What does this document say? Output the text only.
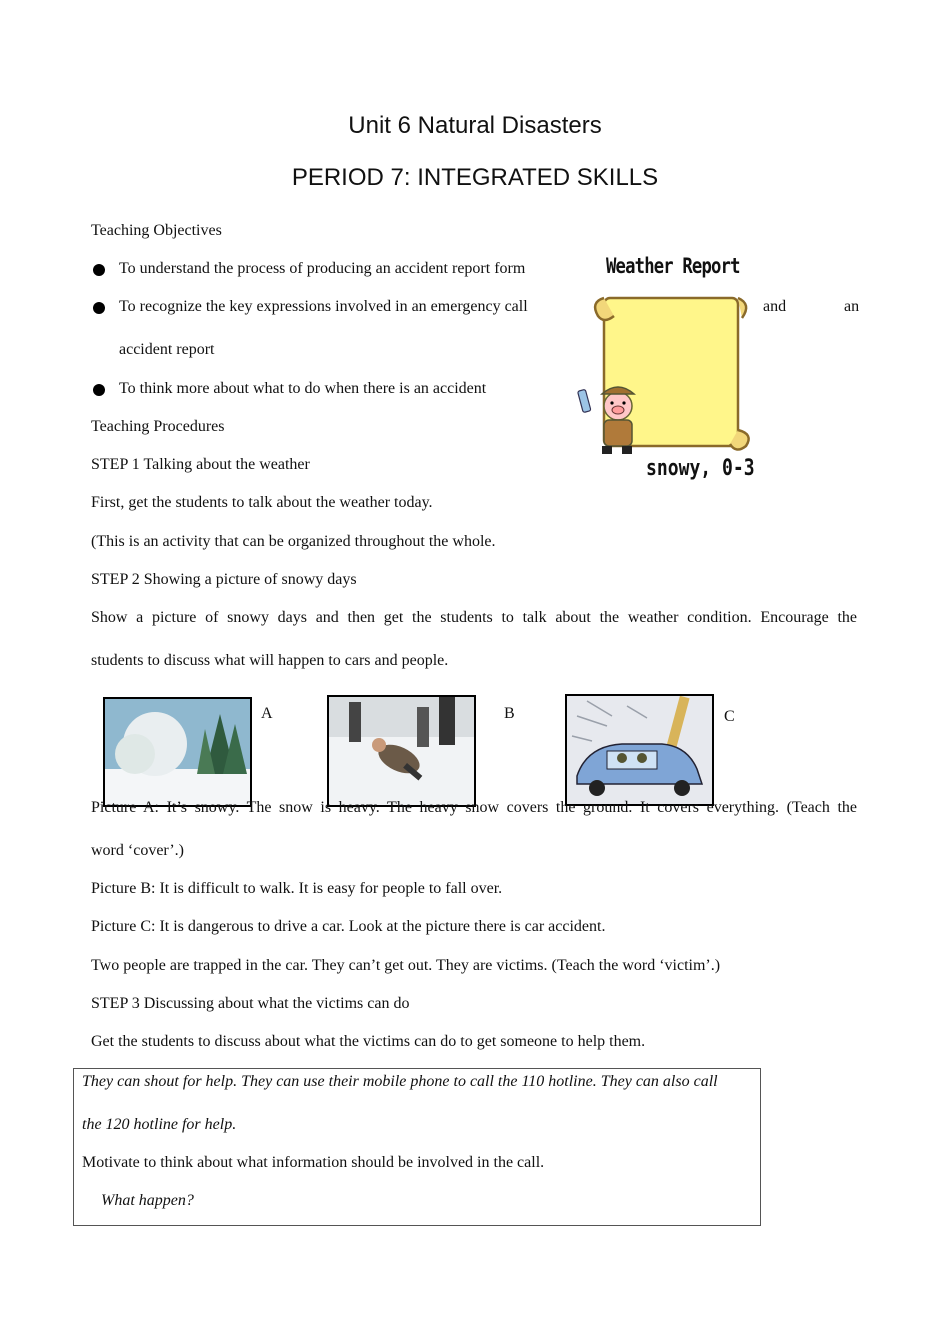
Unit 6 Natural Disasters
PERIOD 7: INTEGRATED SKILLS
Teaching Objectives
To understand the process of producing an accident report form
To recognize the key expressions involved in an emergency call	and	an
accident report
To think more about what to do when there is an accident
Weather Report
snowy, 0-3
Teaching Procedures
STEP 1 Talking about the weather
First, get the students to talk about the weather today.
(This is an activity that can be organized throughout the whole.
STEP 2 Showing a picture of snowy days
Show a picture of snowy days and then get the students to talk about the weather condition. Encourage the
students to discuss what will happen to cars and people.
A	B	C
Picture A: It’s snowy. The snow is heavy. The heavy snow covers the ground. It covers everything. (Teach the
word ‘cover’.)
Picture B: It is difficult to walk. It is easy for people to fall over.
Picture C: It is dangerous to drive a car. Look at the picture there is car accident.
Two people are trapped in the car. They can’t get out. They are victims. (Teach the word ‘victim’.)
STEP 3 Discussing about what the victims can do
Get the students to discuss about what the victims can do to get someone to help them.
They can shout for help. They can use their mobile phone to call the 110 hotline. They can also call
the 120 hotline for help.
Motivate to think about what information should be involved in the call.
What happen?
